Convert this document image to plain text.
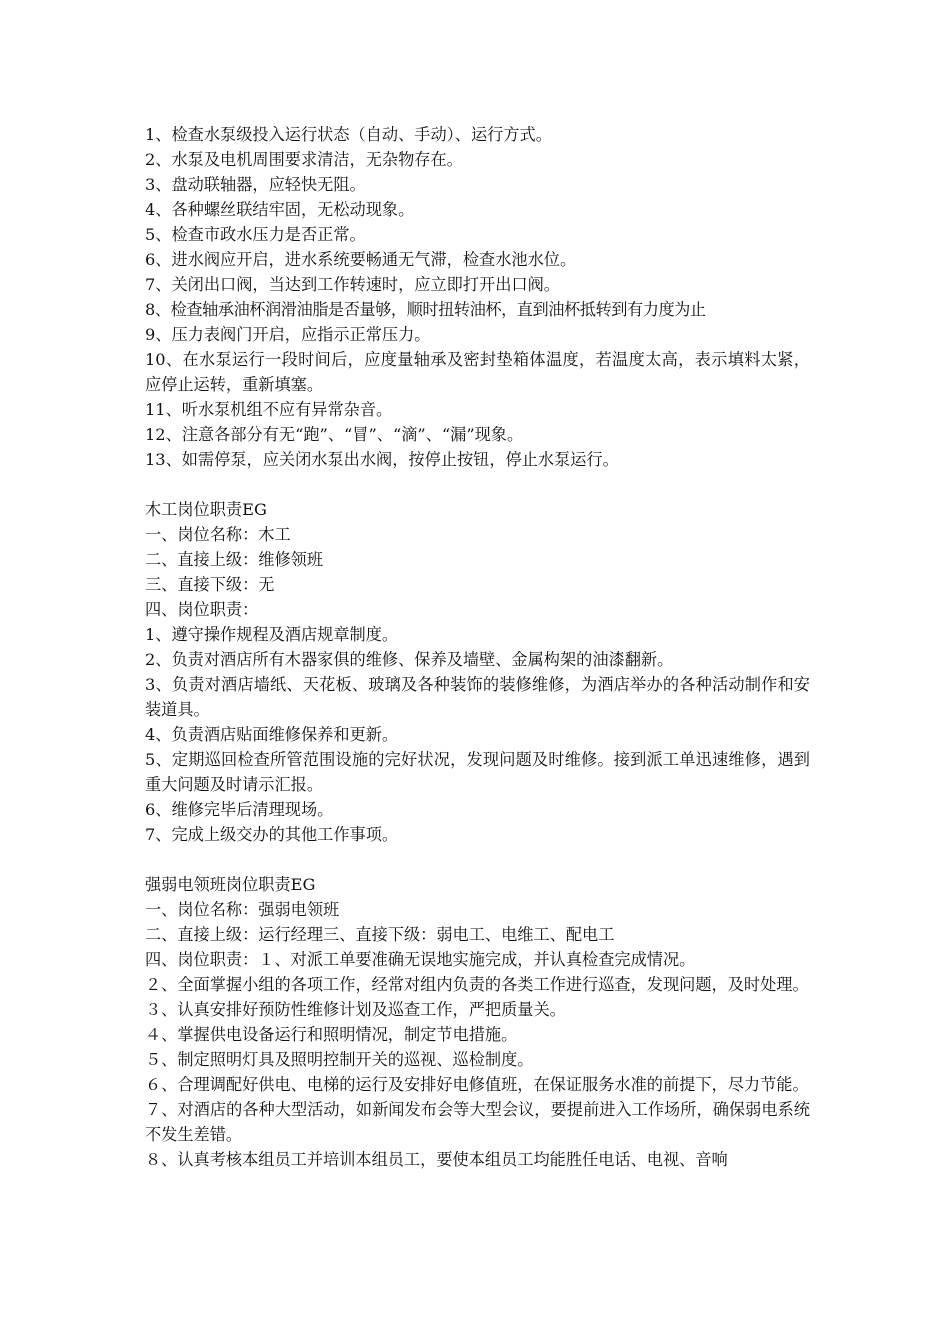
1、检查水泵级投入运行状态（自动、手动）、运行方式。

2、水泵及电机周围要求清洁，无杂物存在。

3、盘动联轴器，应轻快无阻。

4、各种螺丝联结牢固，无松动现象。

5、检查市政水压力是否正常。

6、进水阀应开启，进水系统要畅通无气滞，检查水池水位。

7、关闭出口阀，当达到工作转速时，应立即打开出口阀。

8、检查轴承油杯润滑油脂是否量够，顺时扭转油杯，直到油杯抵转到有力度为止

9、压力表阀门开启，应指示正常压力。

10、在水泵运行一段时间后，应度量轴承及密封垫箱体温度，若温度太高，表示填料太紧，应停止运转，重新填塞。

11、听水泵机组不应有异常杂音。

12、注意各部分有无“跑”、“冒”、“滴”、“漏”现象。

13、如需停泵，应关闭水泵出水阀，按停止按钮，停止水泵运行。

木工岗位职责EG

一、岗位名称：木工

二、直接上级：维修领班

三、直接下级：无

四、岗位职责：

1、遵守操作规程及酒店规章制度。

2、负责对酒店所有木器家俱的维修、保养及墙壁、金属构架的油漆翻新。

3、负责对酒店墙纸、天花板、玻璃及各种装饰的装修维修，为酒店举办的各种活动制作和安装道具。

4、负责酒店贴面维修保养和更新。

5、定期巡回检查所管范围设施的完好状况，发现问题及时维修。接到派工单迅速维修，遇到重大问题及时请示汇报。

6、维修完毕后清理现场。

7、完成上级交办的其他工作事项。

强弱电领班岗位职责EG

一、岗位名称：强弱电领班

二、直接上级：运行经理三、直接下级：弱电工、电维工、配电工

四、岗位职责：１、对派工单要准确无误地实施完成，并认真检查完成情况。

２、全面掌握小组的各项工作，经常对组内负责的各类工作进行巡查，发现问题，及时处理。

３、认真安排好预防性维修计划及巡查工作，严把质量关。

４、掌握供电设备运行和照明情况，制定节电措施。

５、制定照明灯具及照明控制开关的巡视、巡检制度。

６、合理调配好供电、电梯的运行及安排好电修值班，在保证服务水准的前提下，尽力节能。

７、对酒店的各种大型活动，如新闻发布会等大型会议，要提前进入工作场所，确保弱电系统不发生差错。

８、认真考核本组员工并培训本组员工，要使本组员工均能胜任电话、电视、音响
